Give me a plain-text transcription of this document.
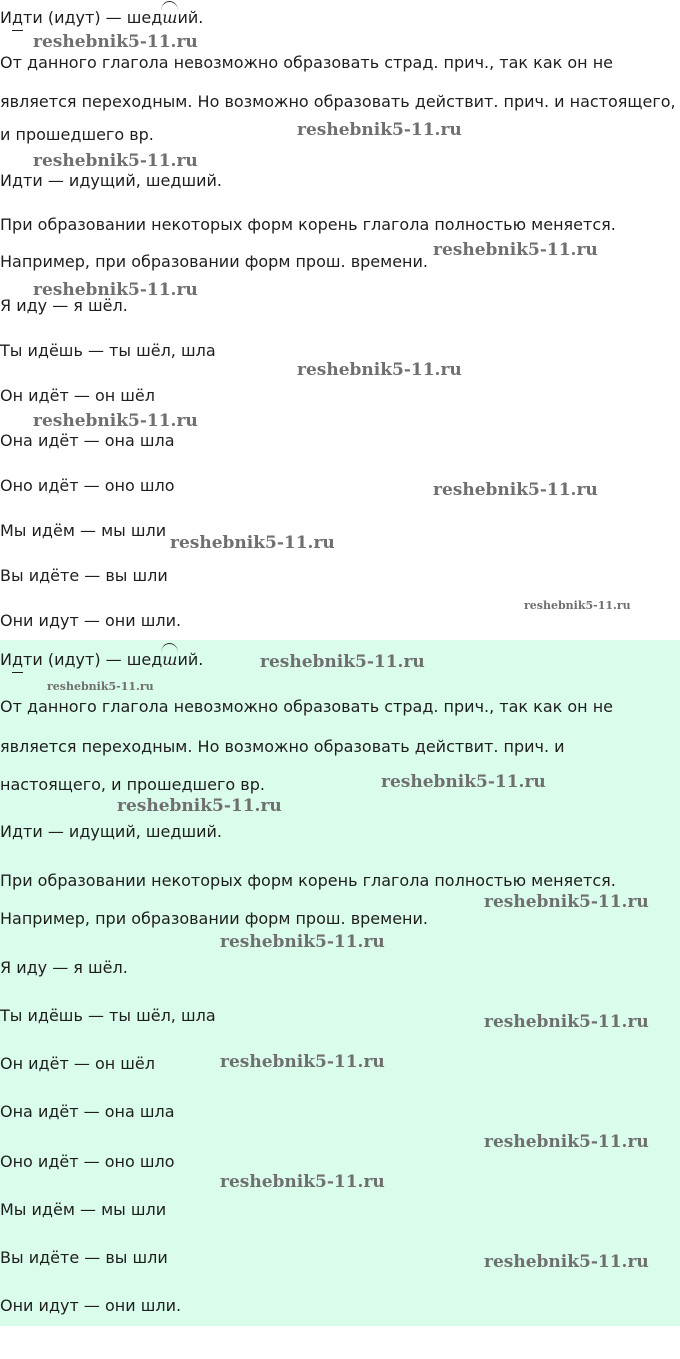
Ид
ти (идут) — шедш
ий.
От данного глагола невозможно образовать страд. прич., так как он не
является переходным. Но возможно образовать действит. прич. и настоящего,
и прошедшего вр.
Идти — идущий, шедший.
При образовании некоторых форм корень глагола полностью меняется.
Например, при образовании форм прош. времени.
Я иду — я шёл.
Ты идёшь — ты шёл, шла
Он идёт — он шёл
Она идёт — она шла
Оно идёт — оно шло
Мы идём — мы шли
Вы идёте — вы шли
Они идут — они шли.
reshebnik5-11.ru
reshebnik5-11.ru
reshebnik5-11.ru
reshebnik5-11.ru
reshebnik5-11.ru
reshebnik5-11.ru
reshebnik5-11.ru
reshebnik5-11.ru
reshebnik5-11.ru
reshebnik5-11.ru
Ид
ти (идут) — шедш
ий.
От данного глагола невозможно образовать страд. прич., так как он не
является переходным. Но возможно образовать действит. прич. и
настоящего, и прошедшего вр.
Идти — идущий, шедший.
При образовании некоторых форм корень глагола полностью меняется.
Например, при образовании форм прош. времени.
Я иду — я шёл.
Ты идёшь — ты шёл, шла
Он идёт — он шёл
Она идёт — она шла
Оно идёт — оно шло
Мы идём — мы шли
Вы идёте — вы шли
Они идут — они шли.
reshebnik5-11.ru
reshebnik5-11.ru
reshebnik5-11.ru
reshebnik5-11.ru
reshebnik5-11.ru
reshebnik5-11.ru
reshebnik5-11.ru
reshebnik5-11.ru
reshebnik5-11.ru
reshebnik5-11.ru
reshebnik5-11.ru
